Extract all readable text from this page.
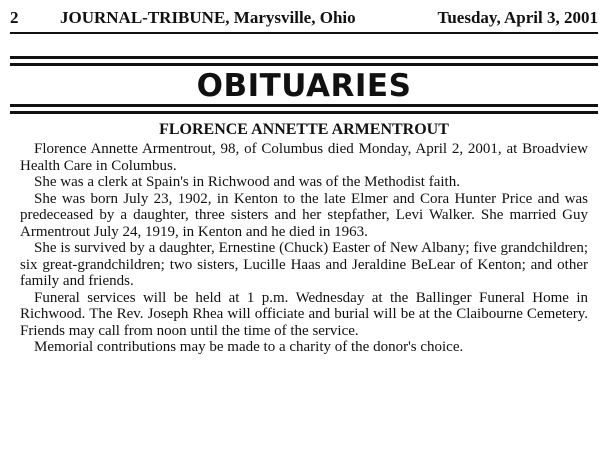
2 JOURNAL-TRIBUNE, Marysville, Ohio	Tuesday, April 3, 2001
OBITUARIES
FLORENCE ANNETTE ARMENTROUT

Florence Annette Armentrout, 98, of Columbus died Monday, April 2, 2001, at Broadview Health Care in Columbus.

She was a clerk at Spain's in Richwood and was of the Methodist faith.

She was born July 23, 1902, in Kenton to the late Elmer and Cora Hunter Price and was predeceased by a daughter, three sisters and her stepfather, Levi Walker. She married Guy Armentrout July 24, 1919, in Kenton and he died in 1963.

She is survived by a daughter, Ernestine (Chuck) Easter of New Albany; five grandchildren; six great-grandchildren; two sisters, Lucille Haas and Jeraldine BeLear of Kenton; and other family and friends.

Funeral services will be held at 1 p.m. Wednesday at the Ballinger Funeral Home in Richwood. The Rev. Joseph Rhea will officiate and burial will be at the Claibourne Cemetery. Friends may call from noon until the time of the service.

Memorial contributions may be made to a charity of the donor's choice.
